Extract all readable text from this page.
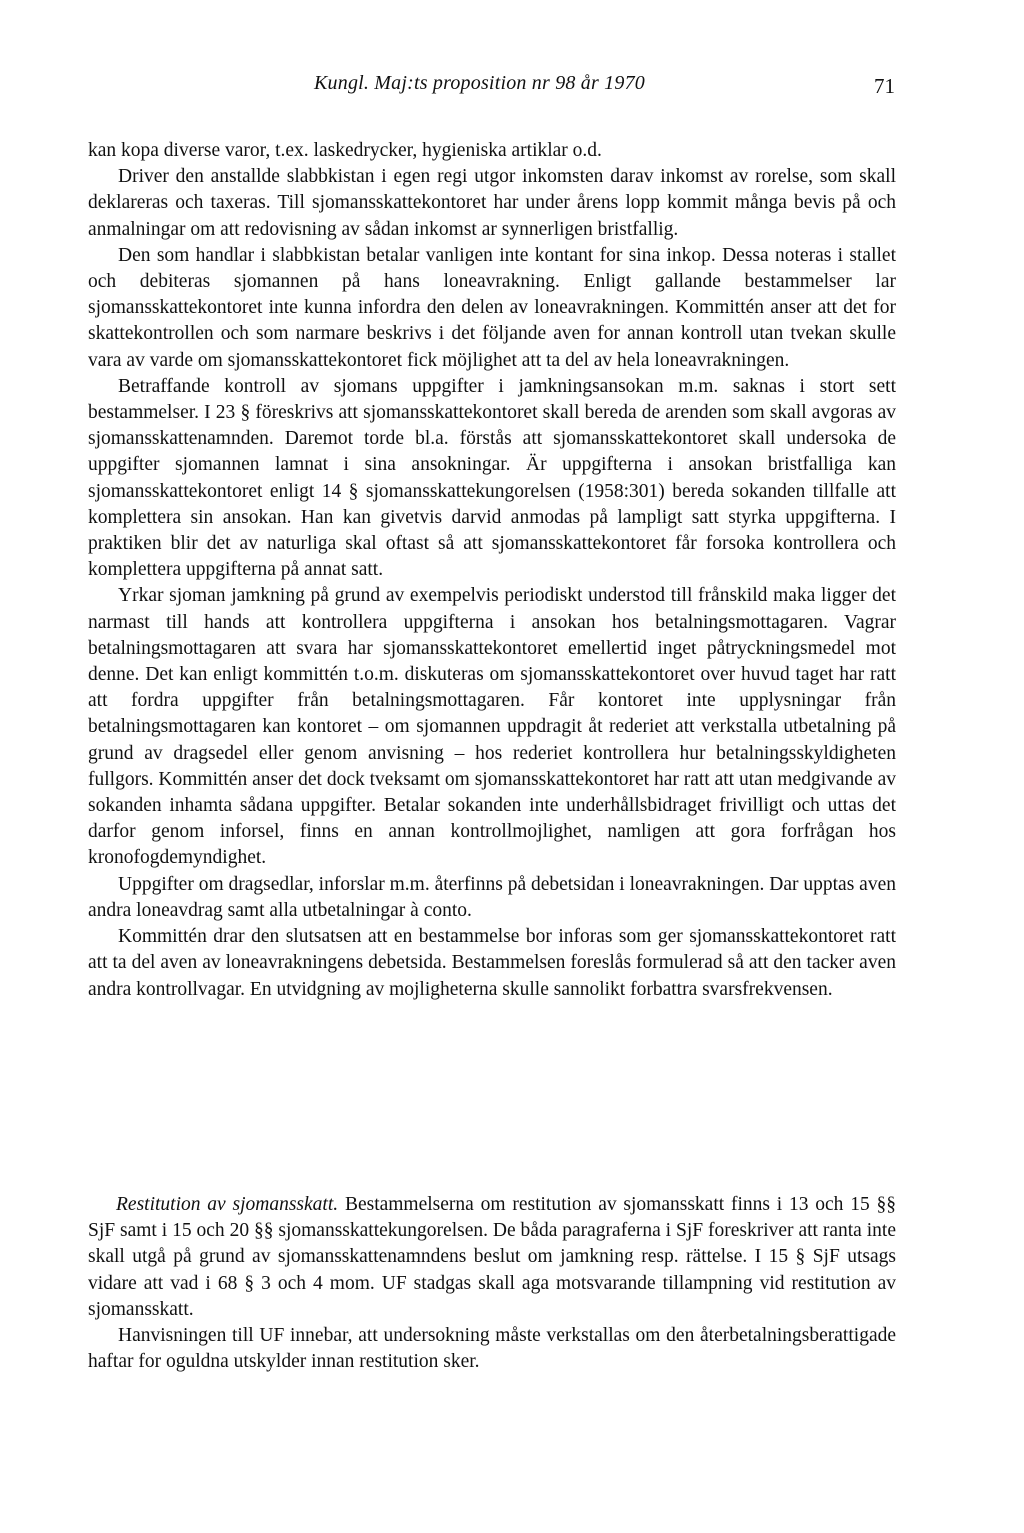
Kungl. Maj:ts proposition nr 98 år 1970	71

kan kopa diverse varor, t.ex. laskedrycker, hygieniska artiklar o.d.

Driver den anstallde slabbkistan i egen regi utgor inkomsten darav inkomst av rorelse, som skall deklareras och taxeras. Till sjomansskattekontoret har under årens lopp kommit många bevis på och anmalningar om att redovisning av sådan inkomst ar synnerligen bristfallig.

Den som handlar i slabbkistan betalar vanligen inte kontant for sina inkop. Dessa noteras i stallet och debiteras sjomannen på hans loneavrakning. Enligt gallande bestammelser lar sjomansskattekontoret inte kunna infordra den delen av loneavrakningen. Kommittén anser att det for skattekontrollen och som narmare beskrivs i det följande aven for annan kontroll utan tvekan skulle vara av varde om sjomansskattekontoret fick möjlighet att ta del av hela loneavrakningen.

Betraffande kontroll av sjomans uppgifter i jamkningsansokan m.m. saknas i stort sett bestammelser. I 23 § föreskrivs att sjomansskattekontoret skall bereda de arenden som skall avgoras av sjomansskattenamnden. Daremot torde bl.a. förstås att sjomansskattekontoret skall undersoka de uppgifter sjomannen lamnat i sina ansokningar. Är uppgifterna i ansokan bristfalliga kan sjomansskattekontoret enligt 14 § sjomansskattekungorelsen (1958:301) bereda sokanden tillfalle att komplettera sin ansokan. Han kan givetvis darvid anmodas på lampligt satt styrka uppgifterna. I praktiken blir det av naturliga skal oftast så att sjomansskattekontoret får forsoka kontrollera och komplettera uppgifterna på annat satt.

Yrkar sjoman jamkning på grund av exempelvis periodiskt understod till frånskild maka ligger det narmast till hands att kontrollera uppgifterna i ansokan hos betalningsmottagaren. Vagrar betalningsmottagaren att svara har sjomansskattekontoret emellertid inget påtryckningsmedel mot denne. Det kan enligt kommittén t.o.m. diskuteras om sjomansskattekontoret over huvud taget har ratt att fordra uppgifter från betalningsmottagaren. Får kontoret inte upplysningar från betalningsmottagaren kan kontoret – om sjomannen uppdragit åt rederiet att verkstalla utbetalning på grund av dragsedel eller genom anvisning – hos rederiet kontrollera hur betalningsskyldigheten fullgors. Kommittén anser det dock tveksamt om sjomansskattekontoret har ratt att utan medgivande av sokanden inhamta sådana uppgifter. Betalar sokanden inte underhållsbidraget frivilligt och uttas det darfor genom inforsel, finns en annan kontrollmojlighet, namligen att gora forfrågan hos kronofogdemyndighet.

Uppgifter om dragsedlar, inforslar m.m. återfinns på debetsidan i loneavrakningen. Dar upptas aven andra loneavdrag samt alla utbetalningar à conto.

Kommittén drar den slutsatsen att en bestammelse bor inforas som ger sjomansskattekontoret ratt att ta del aven av loneavrakningens debetsida. Bestammelsen foreslås formulerad så att den tacker aven andra kontrollvagar. En utvidgning av mojligheterna skulle sannolikt forbattra svarsfrekvensen.

Restitution av sjomansskatt. Bestammelserna om restitution av sjomansskatt finns i 13 och 15 §§ SjF samt i 15 och 20 §§ sjomansskattekungorelsen. De båda paragraferna i SjF foreskriver att ranta inte skall utgå på grund av sjomansskattenamndens beslut om jamkning resp. rättelse. I 15 § SjF utsags vidare att vad i 68 § 3 och 4 mom. UF stadgas skall aga motsvarande tillampning vid restitution av sjomansskatt.

Hanvisningen till UF innebar, att undersokning måste verkstallas om den återbetalningsberattigade haftar for oguldna utskylder innan restitution sker.
